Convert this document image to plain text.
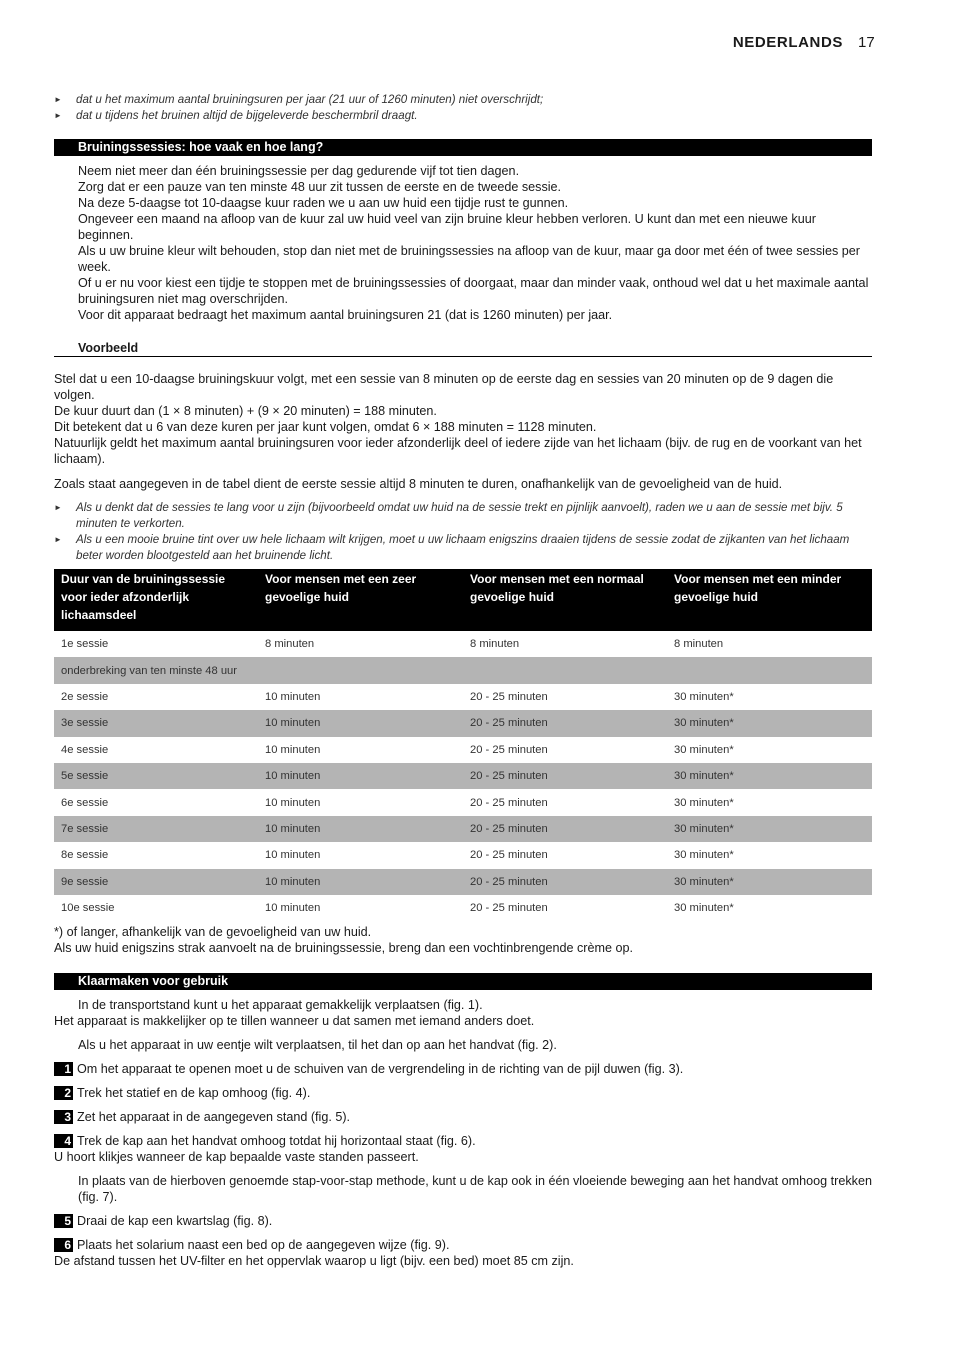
NEDERLANDS 17
► dat u het maximum aantal bruiningsuren per jaar (21 uur of 1260 minuten) niet overschrijdt;
► dat u tijdens het bruinen altijd de bijgeleverde beschermbril draagt.
Bruiningssessies: hoe vaak en hoe lang?
Neem niet meer dan één bruiningssessie per dag gedurende vijf tot tien dagen.
Zorg dat er een pauze van ten minste 48 uur zit tussen de eerste en de tweede sessie.
Na deze 5-daagse tot 10-daagse kuur raden we u aan uw huid een tijdje rust te gunnen.
Ongeveer een maand na afloop van de kuur zal uw huid veel van zijn bruine kleur hebben verloren. U kunt dan met een nieuwe kuur beginnen.
Als u uw bruine kleur wilt behouden, stop dan niet met de bruiningssessies na afloop van de kuur, maar ga door met één of twee sessies per week.
Of u er nu voor kiest een tijdje te stoppen met de bruiningssessies of doorgaat, maar dan minder vaak, onthoud wel dat u het maximale aantal bruiningsuren niet mag overschrijden.
Voor dit apparaat bedraagt het maximum aantal bruiningsuren 21 (dat is 1260 minuten) per jaar.
Voorbeeld
Stel dat u een 10-daagse bruiningskuur volgt, met een sessie van 8 minuten op de eerste dag en sessies van 20 minuten op de 9 dagen die volgen.
De kuur duurt dan (1 × 8 minuten) + (9 × 20 minuten) = 188 minuten.
Dit betekent dat u 6 van deze kuren per jaar kunt volgen, omdat 6 × 188 minuten = 1128 minuten.
Natuurlijk geldt het maximum aantal bruiningsuren voor ieder afzonderlijk deel of iedere zijde van het lichaam (bijv. de rug en de voorkant van het lichaam).
Zoals staat aangegeven in de tabel dient de eerste sessie altijd 8 minuten te duren, onafhankelijk van de gevoeligheid van de huid.
► Als u denkt dat de sessies te lang voor u zijn (bijvoorbeeld omdat uw huid na de sessie trekt en pijnlijk aanvoelt), raden we u aan de sessie met bijv. 5 minuten te verkorten.
► Als u een mooie bruine tint over uw hele lichaam wilt krijgen, moet u uw lichaam enigszins draaien tijdens de sessie zodat de zijkanten van het lichaam beter worden blootgesteld aan het bruinende licht.
Duur van de bruiningssessie voor ieder afzonderlijk lichaamsdeel	Voor mensen met een zeer gevoelige huid	Voor mensen met een normaal gevoelige huid	Voor mensen met een minder gevoelige huid
1e sessie	8 minuten	8 minuten	8 minuten
onderbreking van ten minste 48 uur			
2e sessie	10 minuten	20 - 25 minuten	30 minuten*
3e sessie	10 minuten	20 - 25 minuten	30 minuten*
4e sessie	10 minuten	20 - 25 minuten	30 minuten*
5e sessie	10 minuten	20 - 25 minuten	30 minuten*
6e sessie	10 minuten	20 - 25 minuten	30 minuten*
7e sessie	10 minuten	20 - 25 minuten	30 minuten*
8e sessie	10 minuten	20 - 25 minuten	30 minuten*
9e sessie	10 minuten	20 - 25 minuten	30 minuten*
10e sessie	10 minuten	20 - 25 minuten	30 minuten*
*) of langer, afhankelijk van de gevoeligheid van uw huid.
Als uw huid enigszins strak aanvoelt na de bruiningssessie, breng dan een vochtinbrengende crème op.
Klaarmaken voor gebruik
In de transportstand kunt u het apparaat gemakkelijk verplaatsen (fig. 1).
Het apparaat is makkelijker op te tillen wanneer u dat samen met iemand anders doet.
Als u het apparaat in uw eentje wilt verplaatsen, til het dan op aan het handvat (fig. 2).
1 Om het apparaat te openen moet u de schuiven van de vergrendeling in de richting van de pijl duwen (fig. 3).
2 Trek het statief en de kap omhoog (fig. 4).
3 Zet het apparaat in de aangegeven stand (fig. 5).
4 Trek de kap aan het handvat omhoog totdat hij horizontaal staat (fig. 6).
U hoort klikjes wanneer de kap bepaalde vaste standen passeert.
In plaats van de hierboven genoemde stap-voor-stap methode, kunt u de kap ook in één vloeiende beweging aan het handvat omhoog trekken (fig. 7).
5 Draai de kap een kwartslag (fig. 8).
6 Plaats het solarium naast een bed op de aangegeven wijze (fig. 9).
De afstand tussen het UV-filter en het oppervlak waarop u ligt (bijv. een bed) moet 85 cm zijn.
